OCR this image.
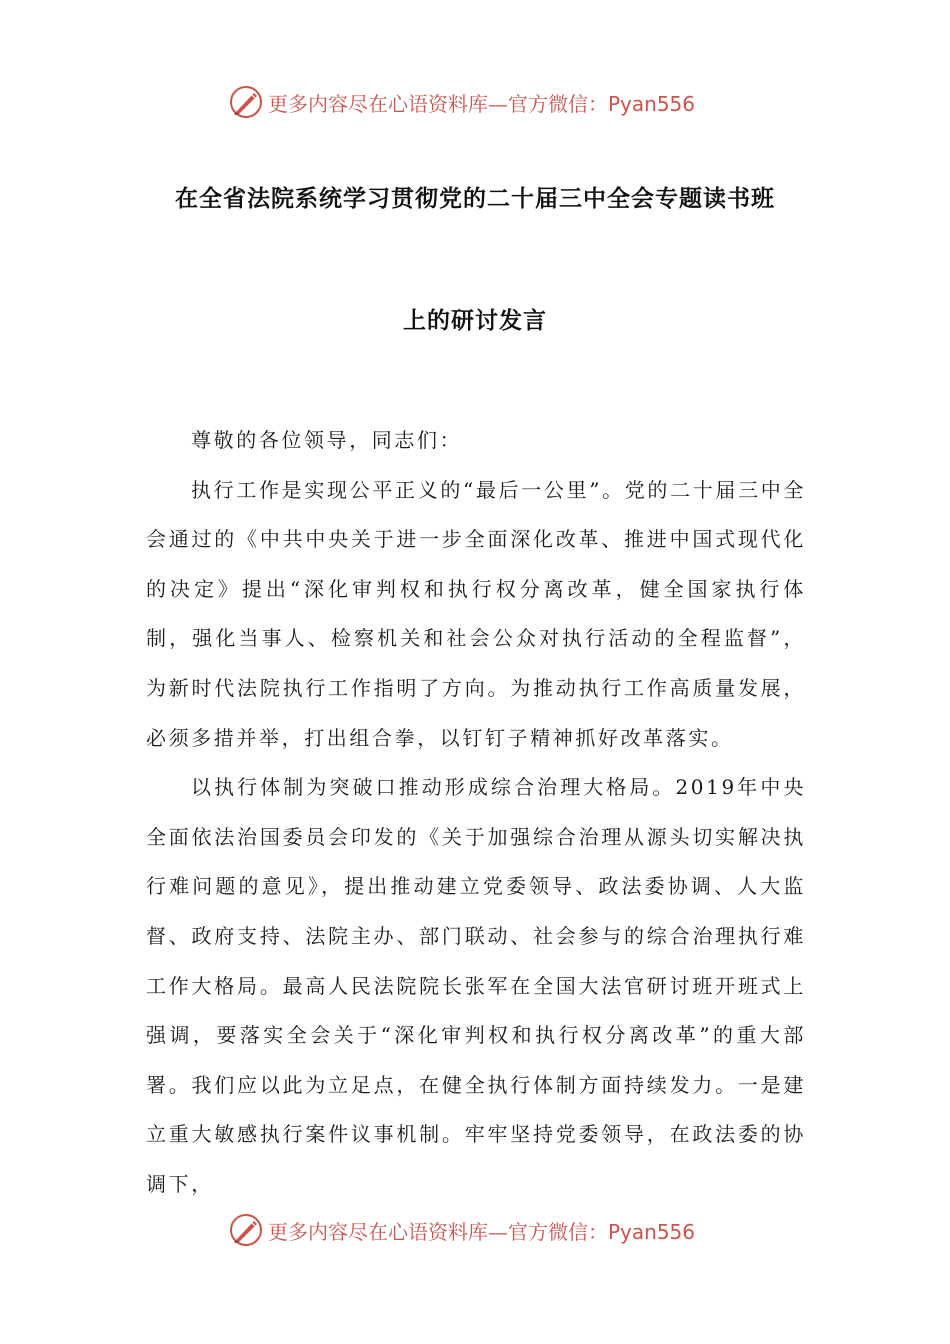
更多内容尽在心语资料库—官方微信：Pyan556
在全省法院系统学习贯彻党的二十届三中全会专题读书班
上的研讨发言

尊敬的各位领导，同志们：

执行工作是实现公平正义的“最后一公里”。党的二十届三中全会通过的《中共中央关于进一步全面深化改革、推进中国式现代化的决定》提出“深化审判权和执行权分离改革，健全国家执行体制，强化当事人、检察机关和社会公众对执行活动的全程监督”，为新时代法院执行工作指明了方向。为推动执行工作高质量发展，必须多措并举，打出组合拳，以钉钉子精神抓好改革落实。

以执行体制为突破口推动形成综合治理大格局。2019年中央全面依法治国委员会印发的《关于加强综合治理从源头切实解决执行难问题的意见》，提出推动建立党委领导、政法委协调、人大监督、政府支持、法院主办、部门联动、社会参与的综合治理执行难工作大格局。最高人民法院院长张军在全国大法官研讨班开班式上强调，要落实全会关于“深化审判权和执行权分离改革”的重大部署。我们应以此为立足点，在健全执行体制方面持续发力。一是建立重大敏感执行案件议事机制。牢牢坚持党委领导，在政法委的协调下，

更多内容尽在心语资料库—官方微信：Pyan556
